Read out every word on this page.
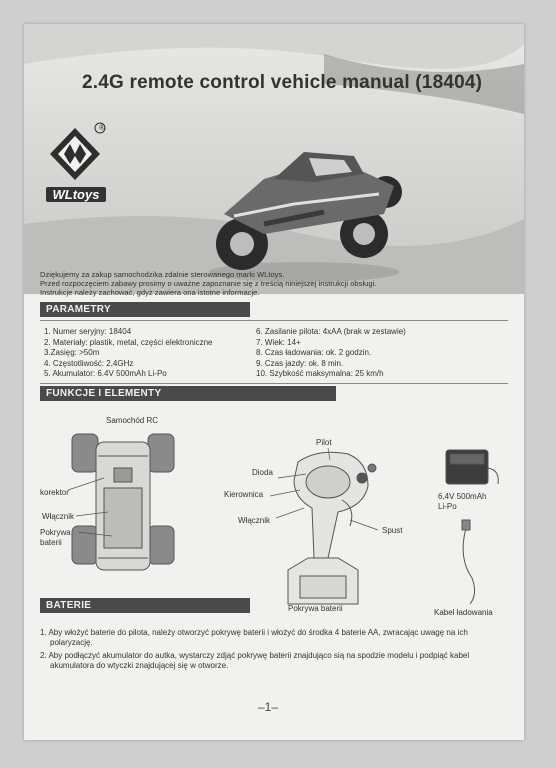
2.4G remote control vehicle manual (18404)
®
WLtoys
Dziękujemy za zakup samochodzika zdalnie sterowanego marki WLtoys.
Przed rozpoczęciem zabawy prosimy o uważne zapoznanie się z treścią niniejszej instrukcji obsługi.
Instrukcje należy zachować, gdyż zawiera ona istotne informacje.
PARAMETRY
1. Numer seryjny: 18404
2. Materiały: plastik, metal, części elektroniczne
3.Zasięg: >50m
4. Częstotliwość: 2,4GHz
5. Akumulator: 6.4V 500mAh Li-Po
6. Zasilanie pilota: 4xAA (brak w zestawie)
7. Wiek: 14+
8. Czas ładowania: ok. 2 godzin.
9. Czas jazdy: ok. 8 min.
10. Szybkość maksymalna: 25 km/h
FUNKCJE I ELEMENTY
Samochód RC
korektor
Włącznik
Pokrywa
baterii
Pilot
Dioda
Kierownica
Włącznik
Spust
Pokrywa baterii
6,4V 500mAh
Li-Po
Kabel ładowania
BATERIE

1. Aby włożyć baterie do pilota, należy otworzyć pokrywę baterii i włożyć do środka 4 baterie AA, zwracając uwagę na ich polaryzację.

2. Aby podłączyć akumulator do autka, wystarczy zdjąć pokrywę baterii znajdująco sią na spodzie modelu i podpiąć kabel akumulatora do wtyczki znajdującej się w otworze.

–1–
